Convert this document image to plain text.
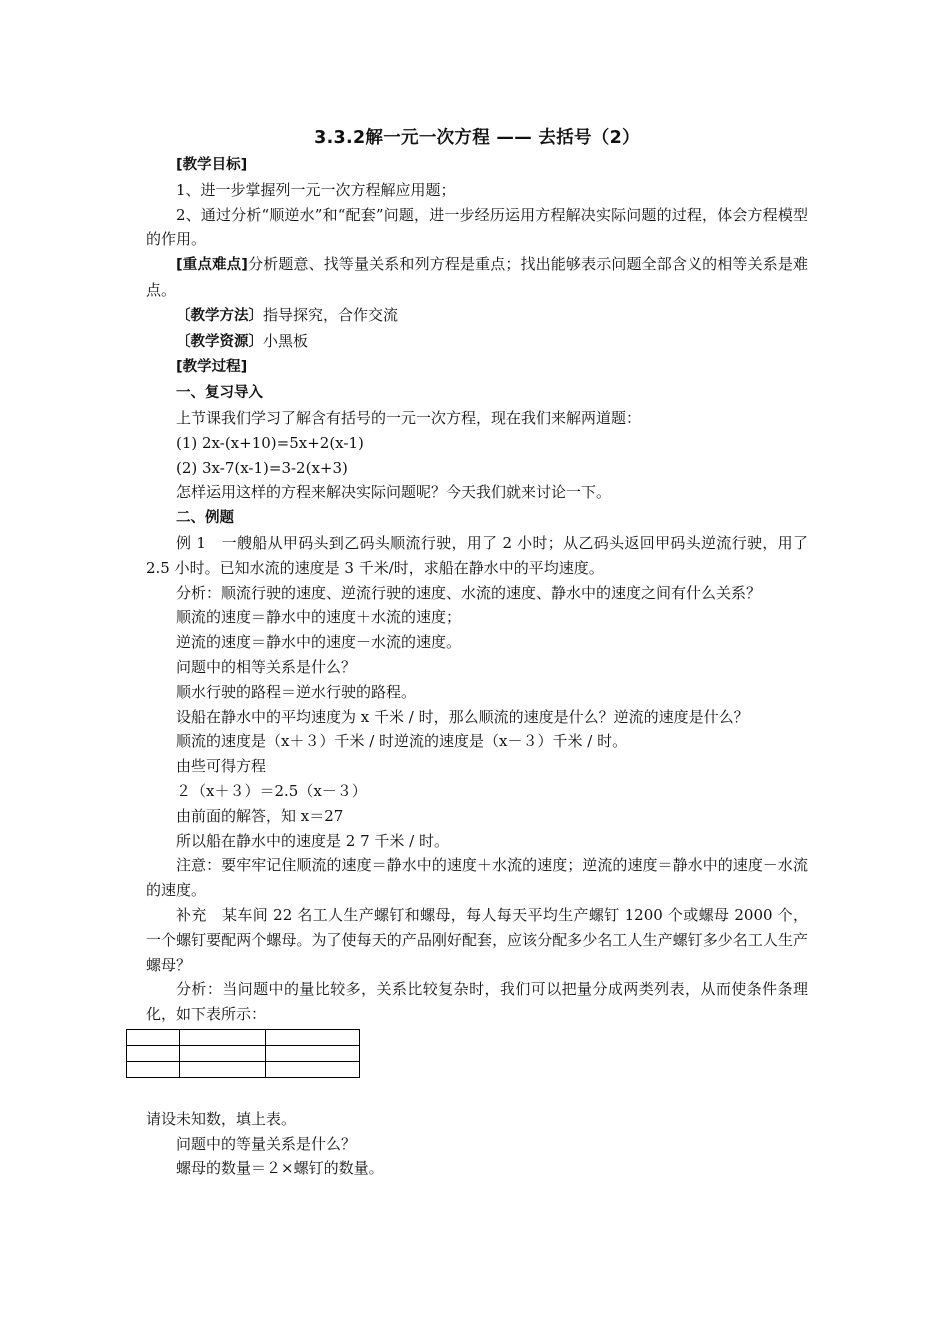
3.3.2解一元一次方程 —— 去括号（2）

[教学目标]

1、进一步掌握列一元一次方程解应用题；

2、通过分析“顺逆水”和“配套”问题，进一步经历运用方程解决实际问题的过程，体会方程模型的作用。

[重点难点]分析题意、找等量关系和列方程是重点；找出能够表示问题全部含义的相等关系是难点。

〔教学方法〕指导探究，合作交流

〔教学资源〕小黑板

[教学过程]

一、复习导入

上节课我们学习了解含有括号的一元一次方程，现在我们来解两道题：

(1) 2x-(x+10)=5x+2(x-1)

(2) 3x-7(x-1)=3-2(x+3)

怎样运用这样的方程来解决实际问题呢？今天我们就来讨论一下。

二、例题

例 1　一艘船从甲码头到乙码头顺流行驶，用了 2 小时；从乙码头返回甲码头逆流行驶，用了 2.5 小时。已知水流的速度是 3 千米/时，求船在静水中的平均速度。

分析：顺流行驶的速度、逆流行驶的速度、水流的速度、静水中的速度之间有什么关系？

顺流的速度＝静水中的速度＋水流的速度；

逆流的速度＝静水中的速度－水流的速度。

问题中的相等关系是什么？

顺水行驶的路程＝逆水行驶的路程。

设船在静水中的平均速度为 x 千米 / 时，那么顺流的速度是什么？逆流的速度是什么？

顺流的速度是（x＋３）千米 / 时逆流的速度是（x－３）千米 / 时。

由些可得方程

２（x＋３）＝2.5（x－３）

由前面的解答，知 x＝27

所以船在静水中的速度是 2 7 千米 / 时。

注意：要牢牢记住顺流的速度＝静水中的速度＋水流的速度；逆流的速度＝静水中的速度－水流的速度。

补充　某车间 22 名工人生产螺钉和螺母，每人每天平均生产螺钉 1200 个或螺母 2000 个，一个螺钉要配两个螺母。为了使每天的产品刚好配套，应该分配多少名工人生产螺钉多少名工人生产螺母？

分析：当问题中的量比较多，关系比较复杂时，我们可以把量分成两类列表，从而使条件条理化，如下表所示：

请设未知数，填上表。

问题中的等量关系是什么？

螺母的数量＝２×螺钉的数量。
